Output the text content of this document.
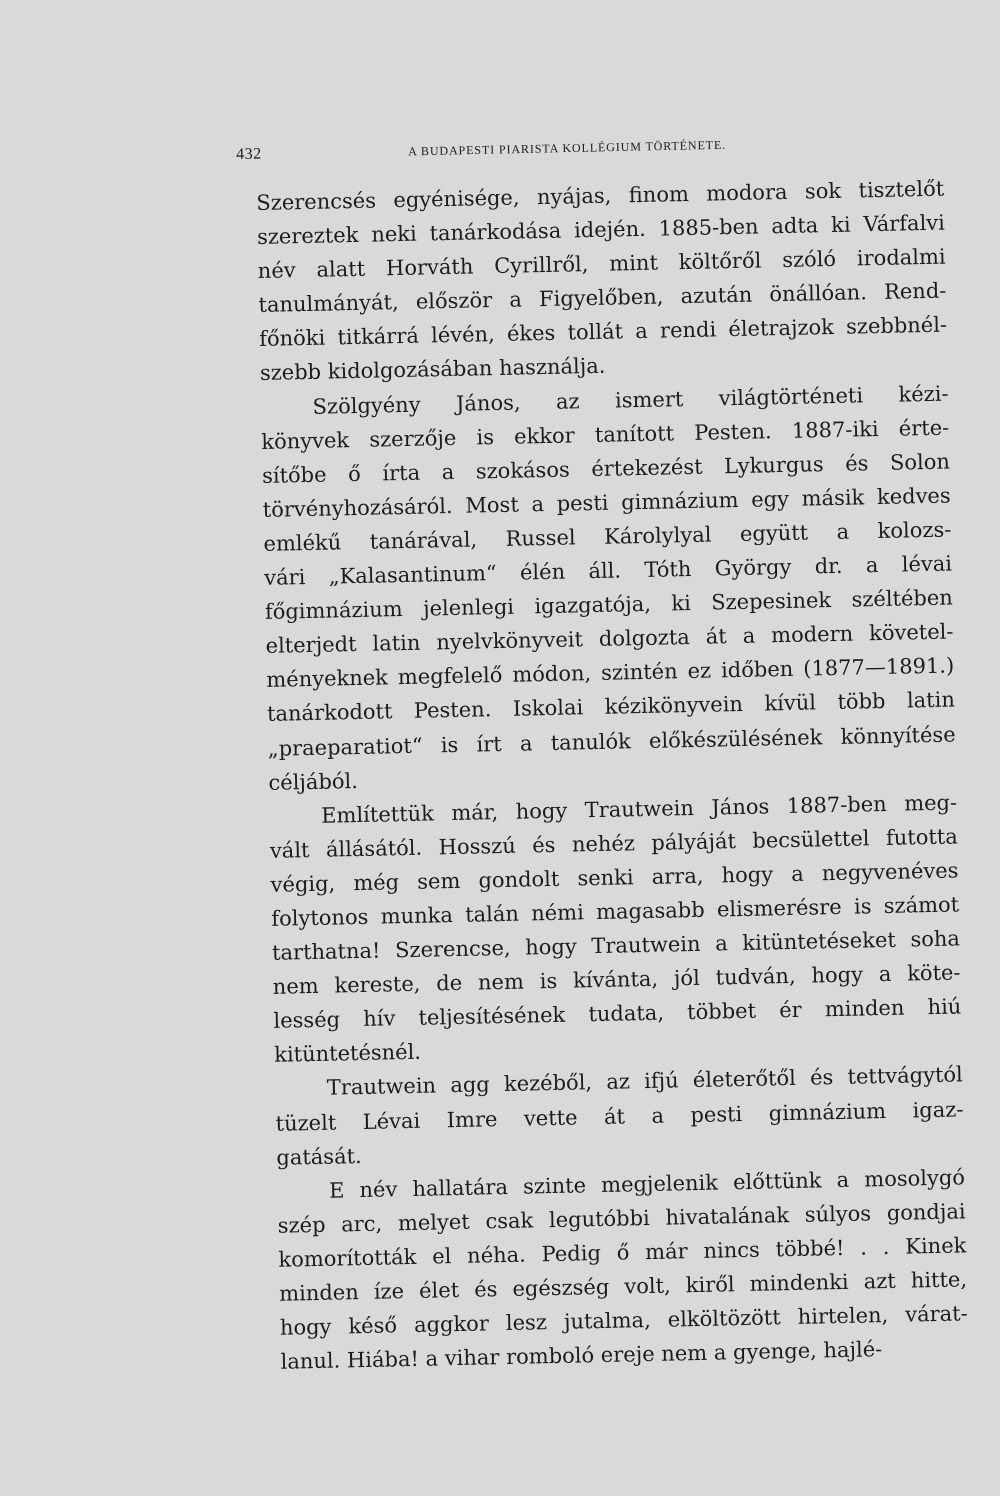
432	A BUDAPESTI PIARISTA KOLLÉGIUM TÖRTÉNETE.
Szerencsés egyénisége, nyájas, finom modora sok tisztelőt
szereztek neki tanárkodása idején. 1885-ben adta ki Várfalvi
név alatt Horváth Cyrillről, mint költőről szóló irodalmi
tanulmányát, először a Figyelőben, azután önállóan. Rend-
főnöki titkárrá lévén, ékes tollát a rendi életrajzok szebbnél-
szebb kidolgozásában használja.
Szölgyény János, az ismert világtörténeti kézi-
könyvek szerzője is ekkor tanított Pesten. 1887-iki érte-
sítőbe ő írta a szokásos értekezést Lykurgus és Solon
törvényhozásáról. Most a pesti gimnázium egy másik kedves
emlékű tanárával, Russel Károlylyal együtt a kolozs-
vári „Kalasantinum“ élén áll. Tóth György dr. a lévai
főgimnázium jelenlegi igazgatója, ki Szepesinek széltében
elterjedt latin nyelvkönyveit dolgozta át a modern követel-
ményeknek megfelelő módon, szintén ez időben (1877—1891.)
tanárkodott Pesten. Iskolai kézikönyvein kívül több latin
„praeparatiot“ is írt a tanulók előkészülésének könnyítése
céljából.
Említettük már, hogy Trautwein János 1887-ben meg-
vált állásától. Hosszú és nehéz pályáját becsülettel futotta
végig, még sem gondolt senki arra, hogy a negyvenéves
folytonos munka talán némi magasabb elismerésre is számot
tarthatna! Szerencse, hogy Trautwein a kitüntetéseket soha
nem kereste, de nem is kívánta, jól tudván, hogy a köte-
lesség hív teljesítésének tudata, többet ér minden hiú
kitüntetésnél.
Trautwein agg kezéből, az ifjú életerőtől és tettvágytól
tüzelt Lévai Imre vette át a pesti gimnázium igaz-
gatását.
E név hallatára szinte megjelenik előttünk a mosolygó
szép arc, melyet csak legutóbbi hivatalának súlyos gondjai
komorították el néha. Pedig ő már nincs többé! . . Kinek
minden íze élet és egészség volt, kiről mindenki azt hitte,
hogy késő aggkor lesz jutalma, elköltözött hirtelen, várat-
lanul. Hiába! a vihar romboló ereje nem a gyenge, hajlé-
